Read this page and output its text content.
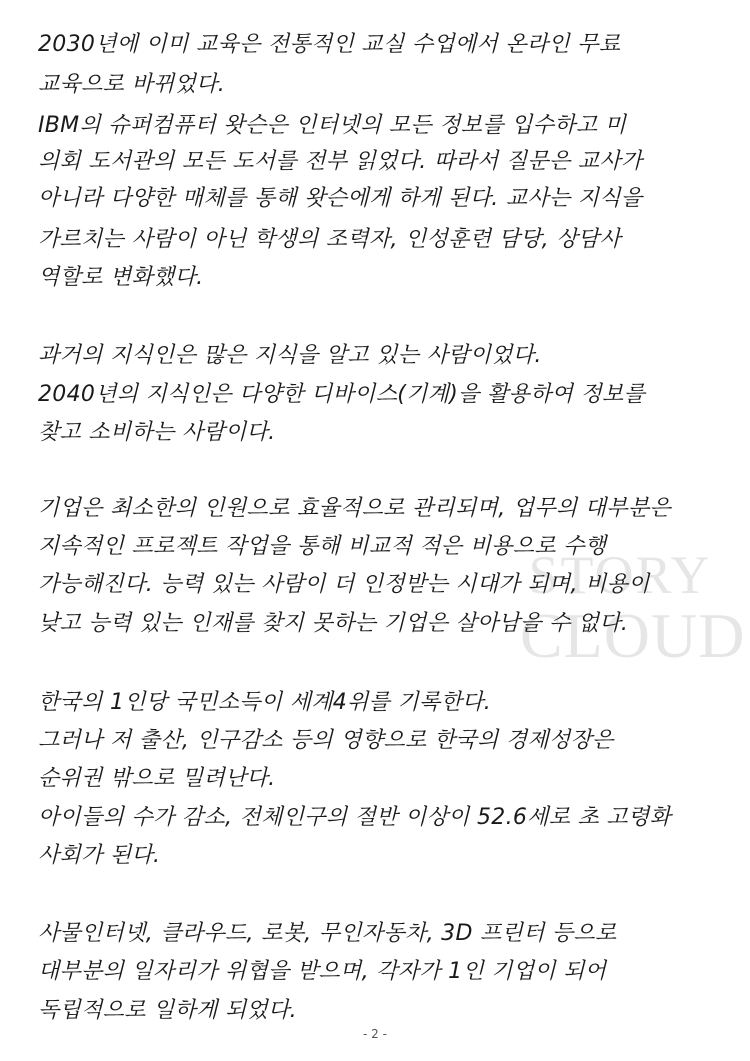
STORY
CLOUD
2030년에 이미 교육은 전통적인 교실 수업에서 온라인 무료
교육으로 바뀌었다.
IBM의 슈퍼컴퓨터 왓슨은 인터넷의 모든 정보를 입수하고 미
의회 도서관의 모든 도서를 전부 읽었다. 따라서 질문은 교사가
아니라 다양한 매체를 통해 왓슨에게 하게 된다. 교사는 지식을
가르치는 사람이 아닌 학생의 조력자, 인성훈련 담당, 상담사
역할로 변화했다.
과거의 지식인은 많은 지식을 알고 있는 사람이었다.
2040년의 지식인은 다양한 디바이스(기계)을 활용하여 정보를
찾고 소비하는 사람이다.
기업은 최소한의 인원으로 효율적으로 관리되며, 업무의 대부분은
지속적인 프로젝트 작업을 통해 비교적 적은 비용으로 수행
가능해진다. 능력 있는 사람이 더 인정받는 시대가 되며, 비용이
낮고 능력 있는 인재를 찾지 못하는 기업은 살아남을 수 없다.
한국의 1인당 국민소득이 세계4위를 기록한다.
그러나 저 출산, 인구감소 등의 영향으로 한국의 경제성장은
순위권 밖으로 밀려난다.
아이들의 수가 감소, 전체인구의 절반 이상이 52.6세로 초 고령화
사회가 된다.
사물인터넷, 클라우드, 로봇, 무인자동차, 3D 프린터 등으로
대부분의 일자리가 위협을 받으며, 각자가 1인 기업이 되어
독립적으로 일하게 되었다.
- 2 -
